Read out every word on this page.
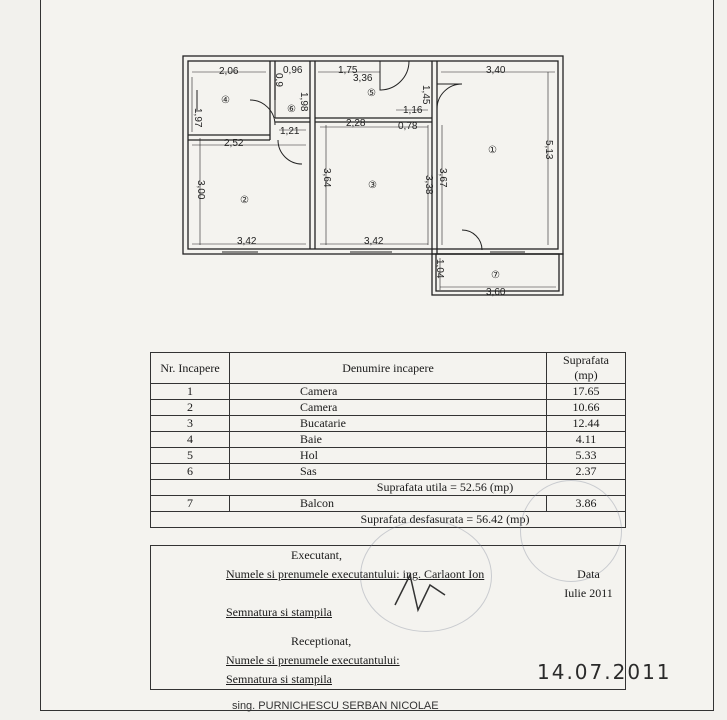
2,06	0,96	1,75
3,36
3,40
1,97
0,9
1,98	1,45
1,16
0,78
1,21
2,28
2,52
3,00
3,64	3,38 3,67
5,13
3,42	3,42
1,04
3,60
①
②
③
④
⑤
⑥
⑦
Nr. Incapere	Denumire incapere	Suprafata (mp)
1	Camera	17.65
2	Camera	10.66
3	Bucatarie	12.44
4	Baie	4.11
5	Hol	5.33
6	Sas	2.37
Suprafata utila = 52.56 (mp)		
7	Balcon	3.86
Suprafata desfasurata = 56.42 (mp)		
Executant,	
Numele si prenumele executantului: ing. Carlaont Ion	Data
	Iulie 2011
Semnatura si stampila	

Receptionat,	
Numele si prenumele executantului:	
Semnatura si stampila		14.07.2011
sing. PURNICHESCU SERBAN NICOLAE
